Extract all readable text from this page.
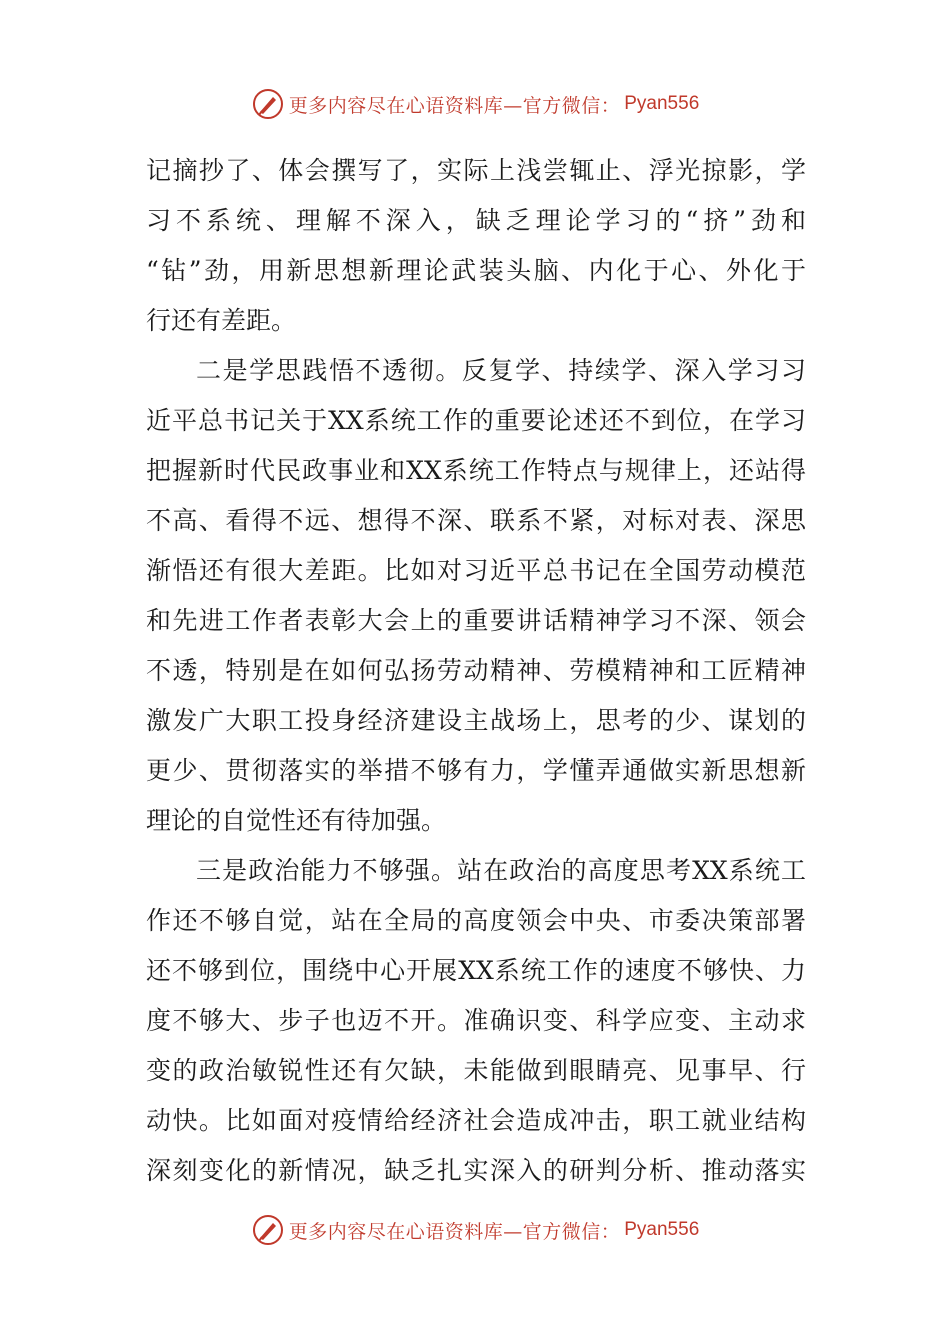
更多内容尽在心语资料库—官方微信： Pyan556
记摘抄了、体会撰写了，实际上浅尝辄止、浮光掠影，学
习不系统、理解不深入，缺乏理论学习的“挤”劲和
“钻”劲，用新思想新理论武装头脑、内化于心、外化于
行还有差距。
二是学思践悟不透彻。反复学、持续学、深入学习习
近平总书记关于XX系统工作的重要论述还不到位，在学习
把握新时代民政事业和XX系统工作特点与规律上，还站得
不高、看得不远、想得不深、联系不紧，对标对表、深思
渐悟还有很大差距。比如对习近平总书记在全国劳动模范
和先进工作者表彰大会上的重要讲话精神学习不深、领会
不透，特别是在如何弘扬劳动精神、劳模精神和工匠精神
激发广大职工投身经济建设主战场上，思考的少、谋划的
更少、贯彻落实的举措不够有力，学懂弄通做实新思想新
理论的自觉性还有待加强。
三是政治能力不够强。站在政治的高度思考XX系统工
作还不够自觉，站在全局的高度领会中央、市委决策部署
还不够到位，围绕中心开展XX系统工作的速度不够快、力
度不够大、步子也迈不开。准确识变、科学应变、主动求
变的政治敏锐性还有欠缺，未能做到眼睛亮、见事早、行
动快。比如面对疫情给经济社会造成冲击，职工就业结构
深刻变化的新情况，缺乏扎实深入的研判分析、推动落实
更多内容尽在心语资料库—官方微信： Pyan556
